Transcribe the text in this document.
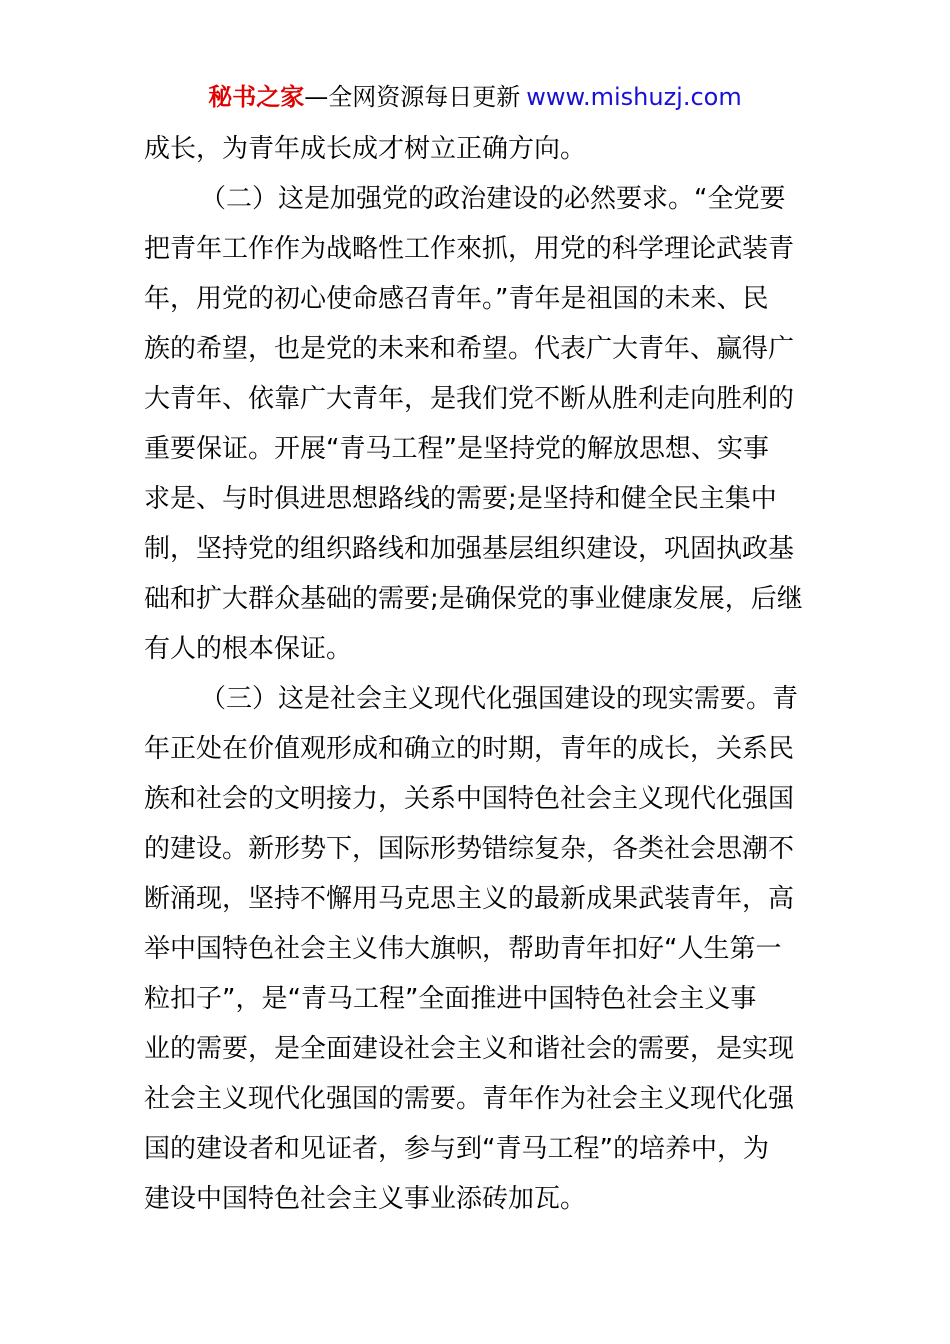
秘书之家—全网资源每日更新 www.mishuzj.com
成长，为青年成长成才树立正确方向。
（二）这是加强党的政治建设的必然要求。“全党要
把青年工作作为战略性工作來抓，用党的科学理论武装青
年，用党的初心使命感召青年。”青年是祖国的未来、民
族的希望，也是党的未来和希望。代表广大青年、赢得广
大青年、依靠广大青年，是我们党不断从胜利走向胜利的
重要保证。开展“青马工程”是坚持党的解放思想、实事
求是、与时俱进思想路线的需要;是坚持和健全民主集中
制，坚持党的组织路线和加强基层组织建设，巩固执政基
础和扩大群众基础的需要;是确保党的事业健康发展，后继
有人的根本保证。
（三）这是社会主义现代化强国建设的现实需要。青
年正处在价值观形成和确立的时期，青年的成长，关系民
族和社会的文明接力，关系中国特色社会主义现代化强国
的建设。新形势下，国际形势错综复杂，各类社会思潮不
断涌现，坚持不懈用马克思主义的最新成果武装青年，高
举中国特色社会主义伟大旗帜，帮助青年扣好“人生第一
粒扣子”，是“青马工程”全面推进中国特色社会主义事
业的需要，是全面建设社会主义和谐社会的需要，是实现
社会主义现代化强国的需要。青年作为社会主义现代化强
国的建设者和见证者，参与到“青马工程”的培养中，为
建设中国特色社会主义事业添砖加瓦。
